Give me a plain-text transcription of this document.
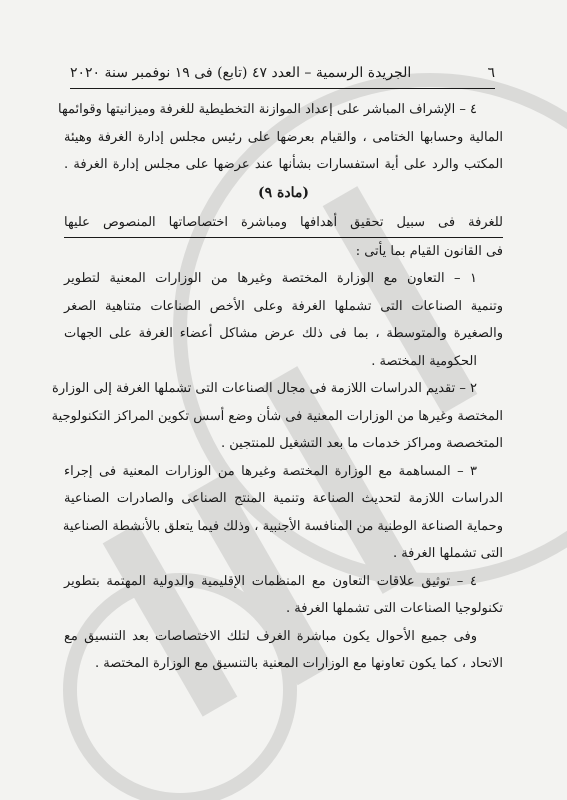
٦
الجريدة الرسمية – العدد ٤٧ (تابع) فى ١٩ نوفمبر سنة ٢٠٢٠

٤ – الإشراف المباشر على إعداد الموازنة التخطيطية للغرفة وميزانيتها وقوائمها

المالية وحسابها الختامى ، والقيام بعرضها على رئيس مجلس إدارة الغرفة وهيئة

المكتب والرد على أية استفسارات بشأنها عند عرضها على مجلس إدارة الغرفة .

(مادة ٩)

للغرفة فى سبيل تحقيق أهدافها ومباشرة اختصاصاتها المنصوص عليها

فى القانون القيام بما يأتى :

١ – التعاون مع الوزارة المختصة وغيرها من الوزارات المعنية لتطوير

وتنمية الصناعات التى تشملها الغرفة وعلى الأخص الصناعات متناهية الصغر

والصغيرة والمتوسطة ، بما فى ذلك عرض مشاكل أعضاء الغرفة على الجهات

الحكومية المختصة .

٢ – تقديم الدراسات اللازمة فى مجال الصناعات التى تشملها الغرفة إلى الوزارة

المختصة وغيرها من الوزارات المعنية فى شأن وضع أسس تكوين المراكز التكنولوجية

المتخصصة ومراكز خدمات ما بعد التشغيل للمنتجين .

٣ – المساهمة مع الوزارة المختصة وغيرها من الوزارات المعنية فى إجراء

الدراسات اللازمة لتحديث الصناعة وتنمية المنتج الصناعى والصادرات الصناعية

وحماية الصناعة الوطنية من المنافسة الأجنبية ، وذلك فيما يتعلق بالأنشطة الصناعية

التى تشملها الغرفة .

٤ – توثيق علاقات التعاون مع المنظمات الإقليمية والدولية المهتمة بتطوير

تكنولوجيا الصناعات التى تشملها الغرفة .

وفى جميع الأحوال يكون مباشرة الغرف لتلك الاختصاصات بعد التنسيق مع

الاتحاد ، كما يكون تعاونها مع الوزارات المعنية بالتنسيق مع الوزارة المختصة .
